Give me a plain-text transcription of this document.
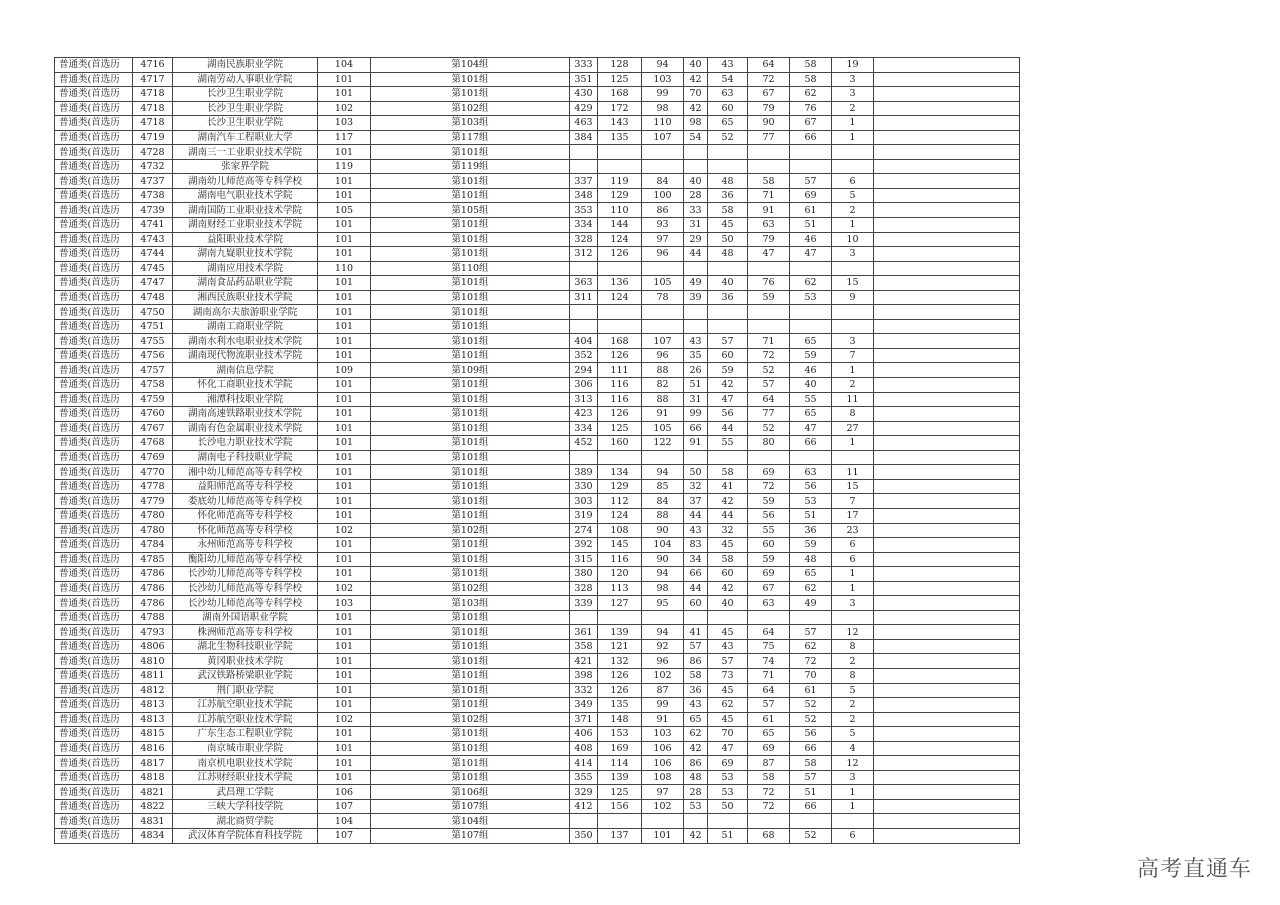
普通类(首选历	4716	湖南民族职业学院	104	第104组	333	128	94	40	43	64	58	19	
普通类(首选历	4717	湖南劳动人事职业学院	101	第101组	351	125	103	42	54	72	58	3	
普通类(首选历	4718	长沙卫生职业学院	101	第101组	430	168	99	70	63	67	62	3	
普通类(首选历	4718	长沙卫生职业学院	102	第102组	429	172	98	42	60	79	76	2	
普通类(首选历	4718	长沙卫生职业学院	103	第103组	463	143	110	98	65	90	67	1	
普通类(首选历	4719	湖南汽车工程职业大学	117	第117组	384	135	107	54	52	77	66	1	
普通类(首选历	4728	湖南三一工业职业技术学院	101	第101组									
普通类(首选历	4732	张家界学院	119	第119组									
普通类(首选历	4737	湖南幼儿师范高等专科学校	101	第101组	337	119	84	40	48	58	57	6	
普通类(首选历	4738	湖南电气职业技术学院	101	第101组	348	129	100	28	36	71	69	5	
普通类(首选历	4739	湖南国防工业职业技术学院	105	第105组	353	110	86	33	58	91	61	2	
普通类(首选历	4741	湖南财经工业职业技术学院	101	第101组	334	144	93	31	45	63	51	1	
普通类(首选历	4743	益阳职业技术学院	101	第101组	328	124	97	29	50	79	46	10	
普通类(首选历	4744	湖南九嶷职业技术学院	101	第101组	312	126	96	44	48	47	47	3	
普通类(首选历	4745	湖南应用技术学院	110	第110组									
普通类(首选历	4747	湖南食品药品职业学院	101	第101组	363	136	105	49	40	76	62	15	
普通类(首选历	4748	湘西民族职业技术学院	101	第101组	311	124	78	39	36	59	53	9	
普通类(首选历	4750	湖南高尔夫旅游职业学院	101	第101组									
普通类(首选历	4751	湖南工商职业学院	101	第101组									
普通类(首选历	4755	湖南水利水电职业技术学院	101	第101组	404	168	107	43	57	71	65	3	
普通类(首选历	4756	湖南现代物流职业技术学院	101	第101组	352	126	96	35	60	72	59	7	
普通类(首选历	4757	湖南信息学院	109	第109组	294	111	88	26	59	52	46	1	
普通类(首选历	4758	怀化工商职业技术学院	101	第101组	306	116	82	51	42	57	40	2	
普通类(首选历	4759	湘潭科技职业学院	101	第101组	313	116	88	31	47	64	55	11	
普通类(首选历	4760	湖南高速铁路职业技术学院	101	第101组	423	126	91	99	56	77	65	8	
普通类(首选历	4767	湖南有色金属职业技术学院	101	第101组	334	125	105	66	44	52	47	27	
普通类(首选历	4768	长沙电力职业技术学院	101	第101组	452	160	122	91	55	80	66	1	
普通类(首选历	4769	湖南电子科技职业学院	101	第101组									
普通类(首选历	4770	湘中幼儿师范高等专科学校	101	第101组	389	134	94	50	58	69	63	11	
普通类(首选历	4778	益阳师范高等专科学校	101	第101组	330	129	85	32	41	72	56	15	
普通类(首选历	4779	娄底幼儿师范高等专科学校	101	第101组	303	112	84	37	42	59	53	7	
普通类(首选历	4780	怀化师范高等专科学校	101	第101组	319	124	88	44	44	56	51	17	
普通类(首选历	4780	怀化师范高等专科学校	102	第102组	274	108	90	43	32	55	36	23	
普通类(首选历	4784	永州师范高等专科学校	101	第101组	392	145	104	83	45	60	59	6	
普通类(首选历	4785	衡阳幼儿师范高等专科学校	101	第101组	315	116	90	34	58	59	48	6	
普通类(首选历	4786	长沙幼儿师范高等专科学校	101	第101组	380	120	94	66	60	69	65	1	
普通类(首选历	4786	长沙幼儿师范高等专科学校	102	第102组	328	113	98	44	42	67	62	1	
普通类(首选历	4786	长沙幼儿师范高等专科学校	103	第103组	339	127	95	60	40	63	49	3	
普通类(首选历	4788	湖南外国语职业学院	101	第101组									
普通类(首选历	4793	株洲师范高等专科学校	101	第101组	361	139	94	41	45	64	57	12	
普通类(首选历	4806	湖北生物科技职业学院	101	第101组	358	121	92	57	43	75	62	8	
普通类(首选历	4810	黄冈职业技术学院	101	第101组	421	132	96	86	57	74	72	2	
普通类(首选历	4811	武汉铁路桥梁职业学院	101	第101组	398	126	102	58	73	71	70	8	
普通类(首选历	4812	荆门职业学院	101	第101组	332	126	87	36	45	64	61	5	
普通类(首选历	4813	江苏航空职业技术学院	101	第101组	349	135	99	43	62	57	52	2	
普通类(首选历	4813	江苏航空职业技术学院	102	第102组	371	148	91	65	45	61	52	2	
普通类(首选历	4815	广东生态工程职业学院	101	第101组	406	153	103	62	70	65	56	5	
普通类(首选历	4816	南京城市职业学院	101	第101组	408	169	106	42	47	69	66	4	
普通类(首选历	4817	南京机电职业技术学院	101	第101组	414	114	106	86	69	87	58	12	
普通类(首选历	4818	江苏财经职业技术学院	101	第101组	355	139	108	48	53	58	57	3	
普通类(首选历	4821	武昌理工学院	106	第106组	329	125	97	28	53	72	51	1	
普通类(首选历	4822	三峡大学科技学院	107	第107组	412	156	102	53	50	72	66	1	
普通类(首选历	4831	湖北商贸学院	104	第104组									
普通类(首选历	4834	武汉体育学院体育科技学院	107	第107组	350	137	101	42	51	68	52	6	
高考直通车
